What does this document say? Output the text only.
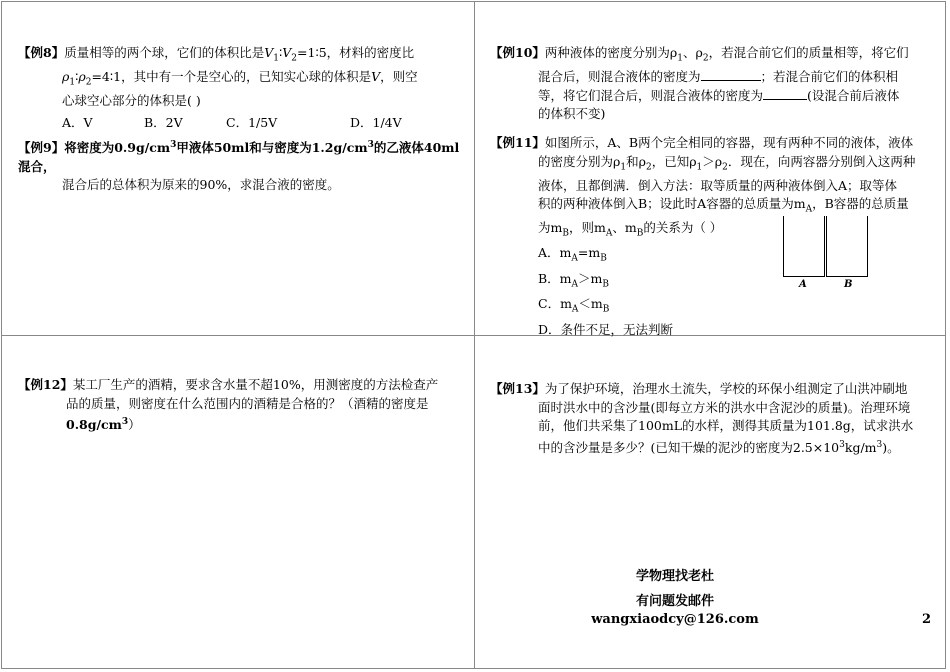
【例8】质量相等的两个球，它们的体积比是$V_1∶V_2=1∶5$，材料的密度比
$\rho_1∶\rho_2=4∶1$，其中有一个是空心的，已知实心球的体积是V，则空
心球空心部分的体积是( )
A．V	B．2V	C．1/5V	D．1/4V
【例9】将密度为$0.9g/cm^3$甲液体50ml和与密度为$1.2g/cm^3$的乙液体40ml混合，
混合后的总体积为原来的90%，求混合液的密度。
【例10】两种液体的密度分别为$\rho_1$、$\rho_2$，若混合前它们的质量相等，将它们
混合后，则混合液体的密度为	；若混合前它们的体积相
等，将它们混合后，则混合液体的密度为	(设混合前后液体
的体积不变)
【例11】如图所示，A、B两个完全相同的容器，现有两种不同的液体，液体
的密度分别为$\rho_1$和$\rho_2$，已知$\rho_1>\rho_2$．现在，向两容器分别倒入这两种
液体，且都倒满．倒入方法：取等质量的两种液体倒入A；取等体
积的两种液体倒入B；设此时A容器的总质量为$m_A$，B容器的总质量
为$m_B$，则$m_A$、$m_B$的关系为（ ）
A．$m_A=m_B$
B．$m_A>m_B$
C．$m_A<m_B$
D．条件不足，无法判断
A	B
【例12】某工厂生产的酒精，要求含水量不超10%，用测密度的方法检查产
品的质量，则密度在什么范围内的酒精是合格的？（酒精的密度是
$0.8g/cm^3$）
【例13】为了保护环境，治理水土流失，学校的环保小组测定了山洪冲刷地
面时洪水中的含沙量(即每立方米的洪水中含泥沙的质量)。治理环境
前，他们共采集了100mL的水样，测得其质量为101.8g，试求洪水
中的含沙量是多少？(已知干燥的泥沙的密度为$2.5\times 10^3kg/m^3$)。
学物理找老杜
有问题发邮件
wangxiaodcy@126.com	2
